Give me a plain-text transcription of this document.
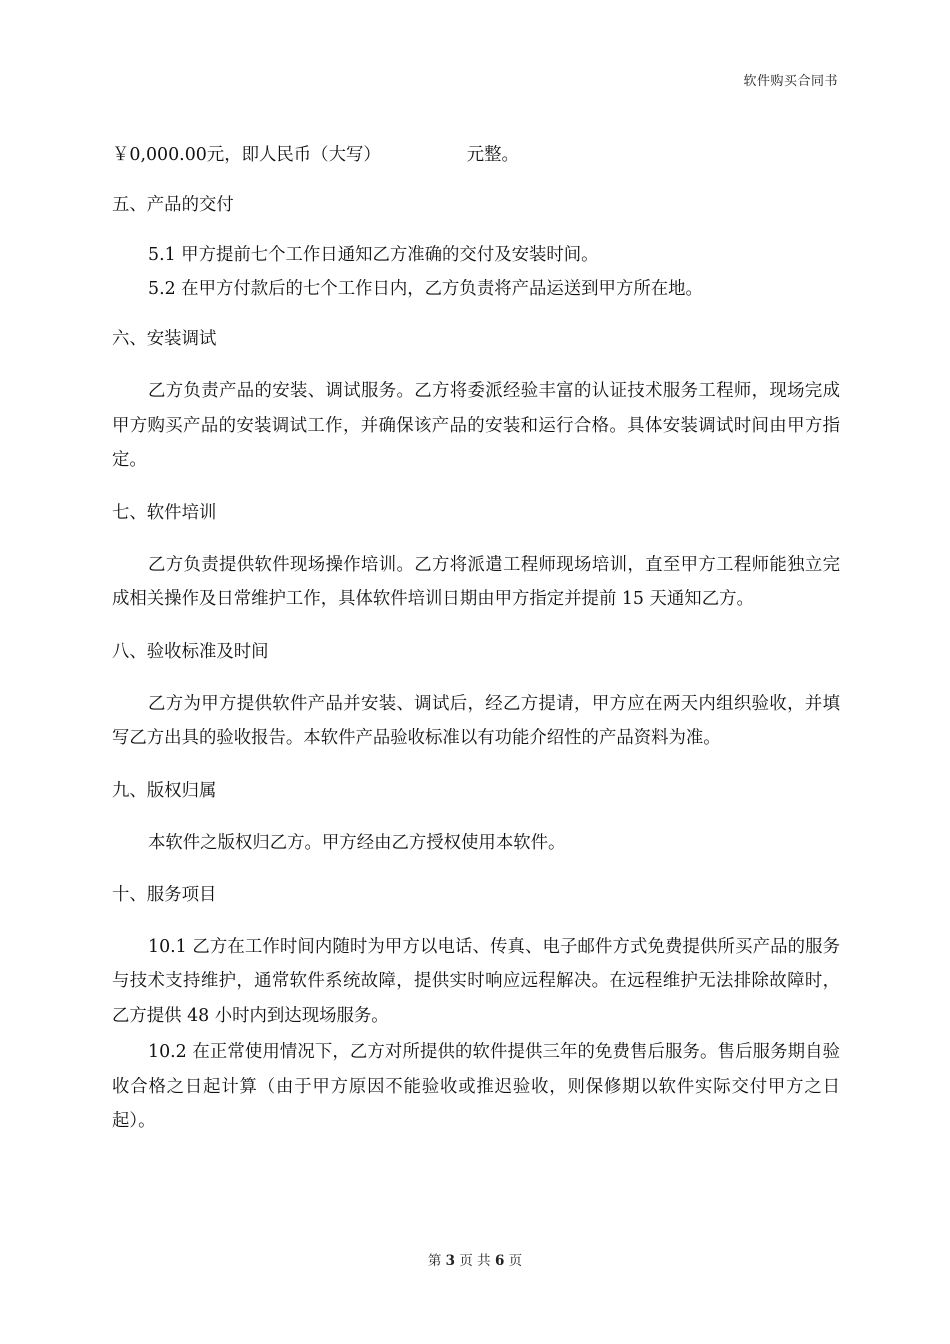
软件购买合同书
￥0,000.00元，即人民币（大写）	元整。
五、产品的交付
5.1 甲方提前七个工作日通知乙方准确的交付及安装时间。
5.2 在甲方付款后的七个工作日内，乙方负责将产品运送到甲方所在地。
六、安装调试
乙方负责产品的安装、调试服务。乙方将委派经验丰富的认证技术服务工程师，现场完成甲方购买产品的安装调试工作，并确保该产品的安装和运行合格。具体安装调试时间由甲方指定。
七、软件培训
乙方负责提供软件现场操作培训。乙方将派遣工程师现场培训，直至甲方工程师能独立完成相关操作及日常维护工作，具体软件培训日期由甲方指定并提前 15 天通知乙方。
八、验收标准及时间
乙方为甲方提供软件产品并安装、调试后，经乙方提请，甲方应在两天内组织验收，并填写乙方出具的验收报告。本软件产品验收标准以有功能介绍性的产品资料为准。
九、版权归属
本软件之版权归乙方。甲方经由乙方授权使用本软件。
十、服务项目
10.1 乙方在工作时间内随时为甲方以电话、传真、电子邮件方式免费提供所买产品的服务与技术支持维护，通常软件系统故障，提供实时响应远程解决。在远程维护无法排除故障时，乙方提供 48 小时内到达现场服务。
10.2 在正常使用情况下，乙方对所提供的软件提供三年的免费售后服务。售后服务期自验收合格之日起计算（由于甲方原因不能验收或推迟验收，则保修期以软件实际交付甲方之日起）。
第 3 页 共 6 页
